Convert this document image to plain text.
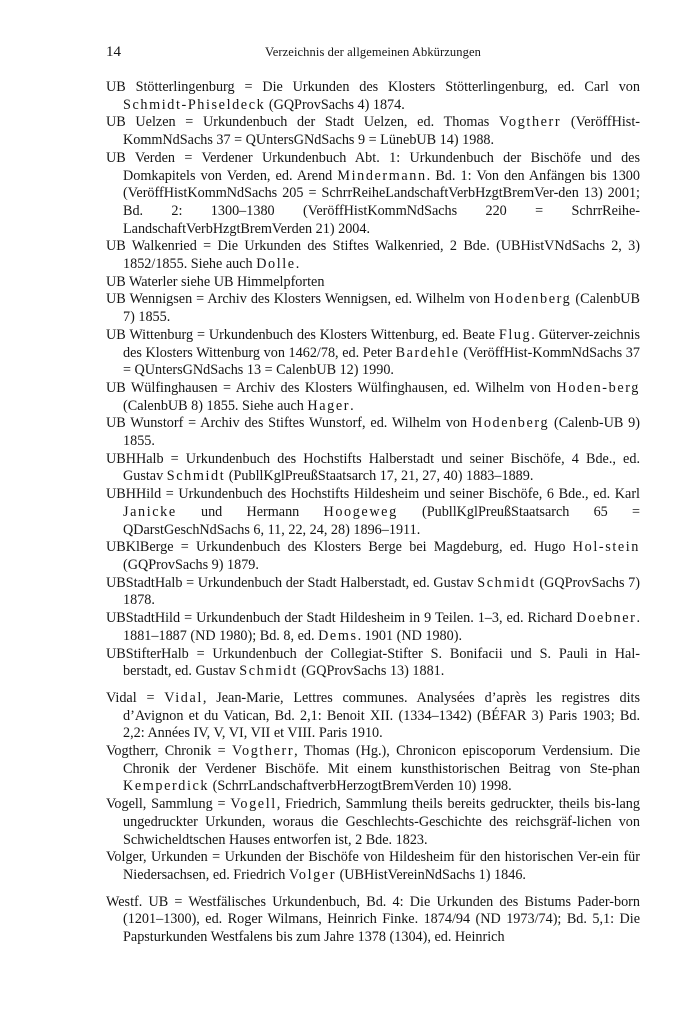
14	Verzeichnis der allgemeinen Abkürzungen

UB Stötterlingenburg = Die Urkunden des Klosters Stötterlingenburg, ed. Carl von Schmidt-Phiseldeck (GQProvSachs 4) 1874.

UB Uelzen = Urkundenbuch der Stadt Uelzen, ed. Thomas Vogtherr (VeröffHist-KommNdSachs 37 = QUntersGNdSachs 9 = LünebUB 14) 1988.

UB Verden = Verdener Urkundenbuch Abt. 1: Urkundenbuch der Bischöfe und des Domkapitels von Verden, ed. Arend Mindermann. Bd. 1: Von den Anfängen bis 1300 (VeröffHistKommNdSachs 205 = SchrrReiheLandschaftVerbHzgtBremVer-den 13) 2001; Bd. 2: 1300–1380 (VeröffHistKommNdSachs 220 = SchrrReihe-LandschaftVerbHzgtBremVerden 21) 2004.

UB Walkenried = Die Urkunden des Stiftes Walkenried, 2 Bde. (UBHistVNdSachs 2, 3) 1852/1855. Siehe auch Dolle.

UB Waterler siehe UB Himmelpforten

UB Wennigsen = Archiv des Klosters Wennigsen, ed. Wilhelm von Hodenberg (CalenbUB 7) 1855.

UB Wittenburg = Urkundenbuch des Klosters Wittenburg, ed. Beate Flug. Güterver-zeichnis des Klosters Wittenburg von 1462/78, ed. Peter Bardehle (VeröffHist-KommNdSachs 37 = QUntersGNdSachs 13 = CalenbUB 12) 1990.

UB Wülfinghausen = Archiv des Klosters Wülfinghausen, ed. Wilhelm von Hoden-berg (CalenbUB 8) 1855. Siehe auch Hager.

UB Wunstorf = Archiv des Stiftes Wunstorf, ed. Wilhelm von Hodenberg (Calenb-UB 9) 1855.

UBHHalb = Urkundenbuch des Hochstifts Halberstadt und seiner Bischöfe, 4 Bde., ed. Gustav Schmidt (PubllKglPreußStaatsarch 17, 21, 27, 40) 1883–1889.

UBHHild = Urkundenbuch des Hochstifts Hildesheim und seiner Bischöfe, 6 Bde., ed. Karl Janicke und Hermann Hoogeweg (PubllKglPreußStaatsarch 65 = QDarstGeschNdSachs 6, 11, 22, 24, 28) 1896–1911.

UBKlBerge = Urkundenbuch des Klosters Berge bei Magdeburg, ed. Hugo Hol-stein (GQProvSachs 9) 1879.

UBStadtHalb = Urkundenbuch der Stadt Halberstadt, ed. Gustav Schmidt (GQProvSachs 7) 1878.

UBStadtHild = Urkundenbuch der Stadt Hildesheim in 9 Teilen. 1–3, ed. Richard Doebner. 1881–1887 (ND 1980); Bd. 8, ed. Dems. 1901 (ND 1980).

UBStifterHalb = Urkundenbuch der Collegiat-Stifter S. Bonifacii und S. Pauli in Hal-berstadt, ed. Gustav Schmidt (GQProvSachs 13) 1881.

Vidal = Vidal, Jean-Marie, Lettres communes. Analysées d’après les registres dits d’Avignon et du Vatican, Bd. 2,1: Benoit XII. (1334–1342) (BÉFAR 3) Paris 1903; Bd. 2,2: Années IV, V, VI, VII et VIII. Paris 1910.

Vogtherr, Chronik = Vogtherr, Thomas (Hg.), Chronicon episcoporum Verdensium. Die Chronik der Verdener Bischöfe. Mit einem kunsthistorischen Beitrag von Ste-phan Kemperdick (SchrrLandschaftverbHerzogtBremVerden 10) 1998.

Vogell, Sammlung = Vogell, Friedrich, Sammlung theils bereits gedruckter, theils bis-lang ungedruckter Urkunden, woraus die Geschlechts-Geschichte des reichsgräf-lichen von Schwicheldtschen Hauses entworfen ist, 2 Bde. 1823.

Volger, Urkunden = Urkunden der Bischöfe von Hildesheim für den historischen Ver-ein für Niedersachsen, ed. Friedrich Volger (UBHistVereinNdSachs 1) 1846.

Westf. UB = Westfälisches Urkundenbuch, Bd. 4: Die Urkunden des Bistums Pader-born (1201–1300), ed. Roger Wilmans, Heinrich Finke. 1874/94 (ND 1973/74); Bd. 5,1: Die Papsturkunden Westfalens bis zum Jahre 1378 (1304), ed. Heinrich
